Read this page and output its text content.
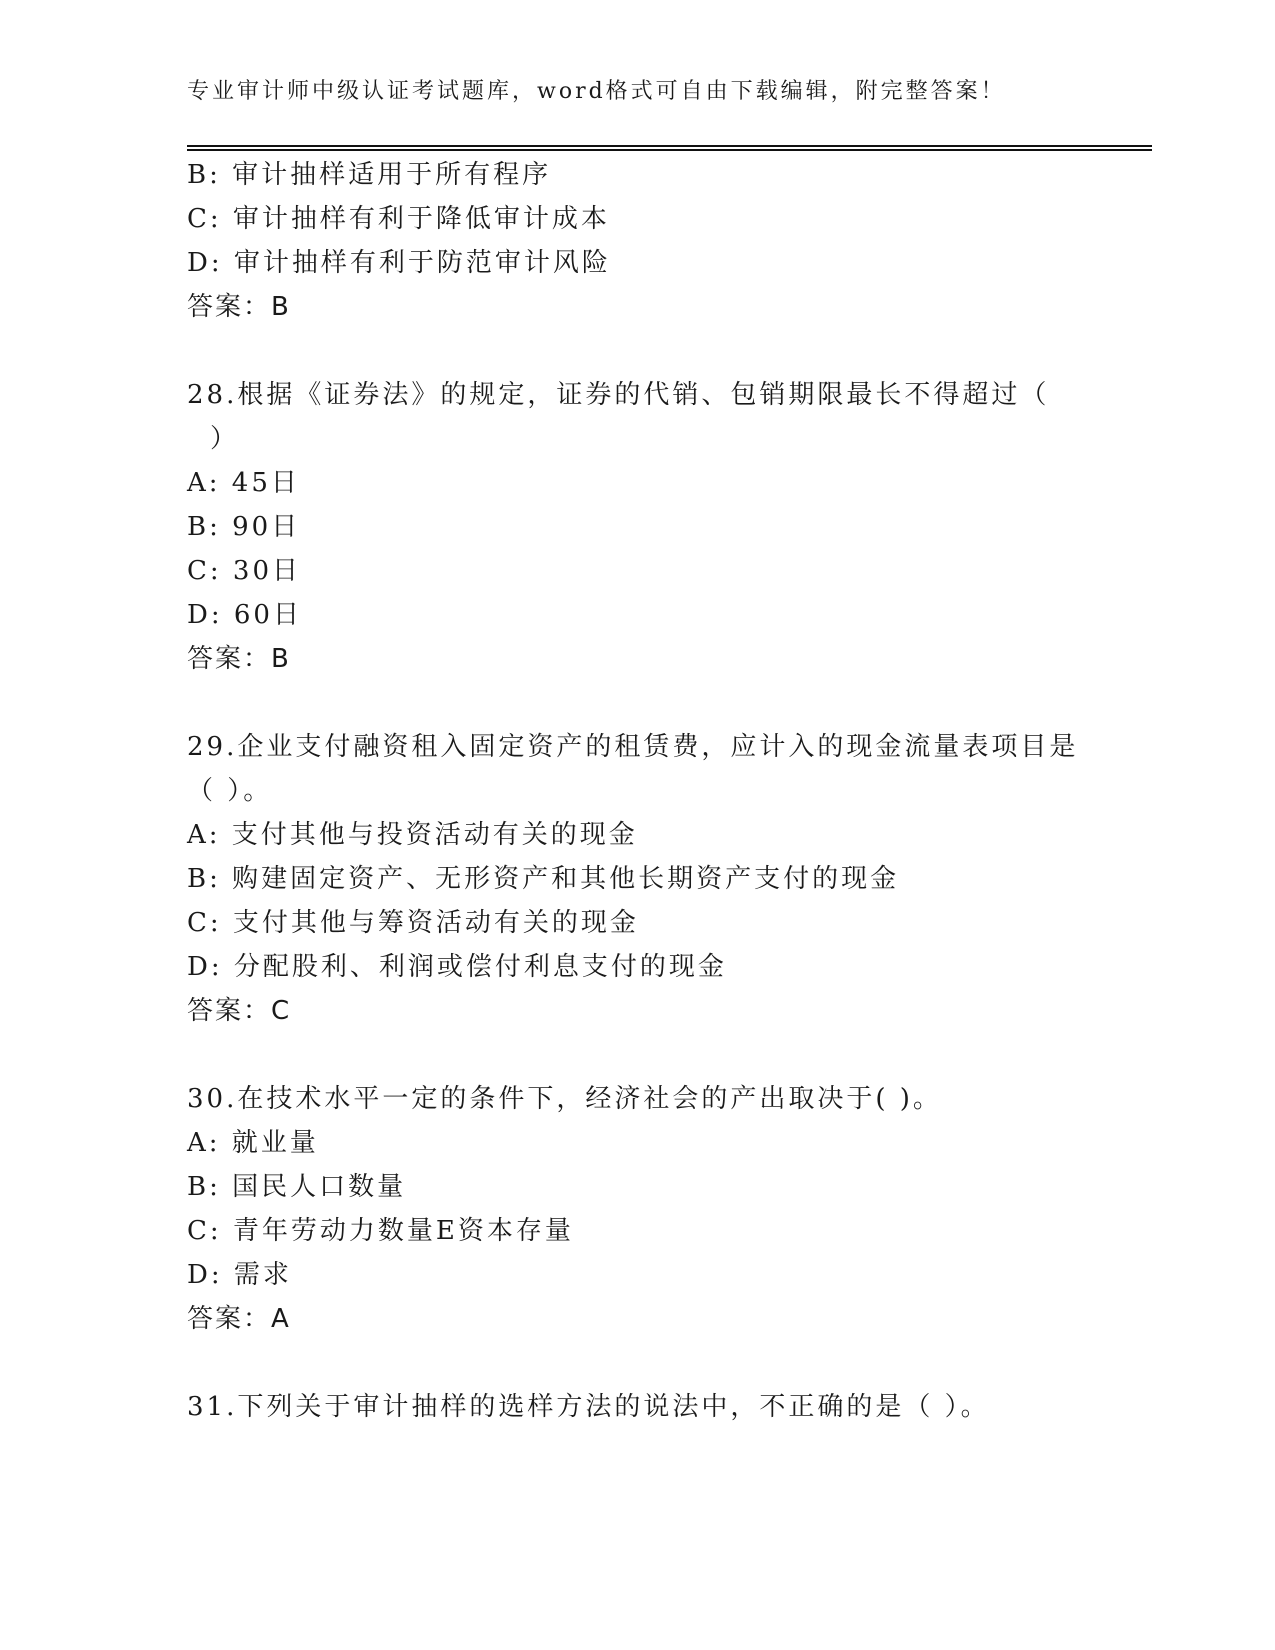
专业审计师中级认证考试题库，word格式可自由下载编辑，附完整答案！
B: 审计抽样适用于所有程序
C: 审计抽样有利于降低审计成本
D: 审计抽样有利于防范审计风险
答案：B
28.根据《证券法》的规定，证券的代销、包销期限最长不得超过（
）
A: 45日
B: 90日
C: 30日
D: 60日
答案：B
29.企业支付融资租入固定资产的租赁费，应计入的现金流量表项目是
（ ）。
A: 支付其他与投资活动有关的现金
B: 购建固定资产、无形资产和其他长期资产支付的现金
C: 支付其他与筹资活动有关的现金
D: 分配股利、利润或偿付利息支付的现金
答案：C
30.在技术水平一定的条件下，经济社会的产出取决于( )。
A: 就业量
B: 国民人口数量
C: 青年劳动力数量E资本存量
D: 需求
答案：A
31.下列关于审计抽样的选样方法的说法中，不正确的是（ ）。
